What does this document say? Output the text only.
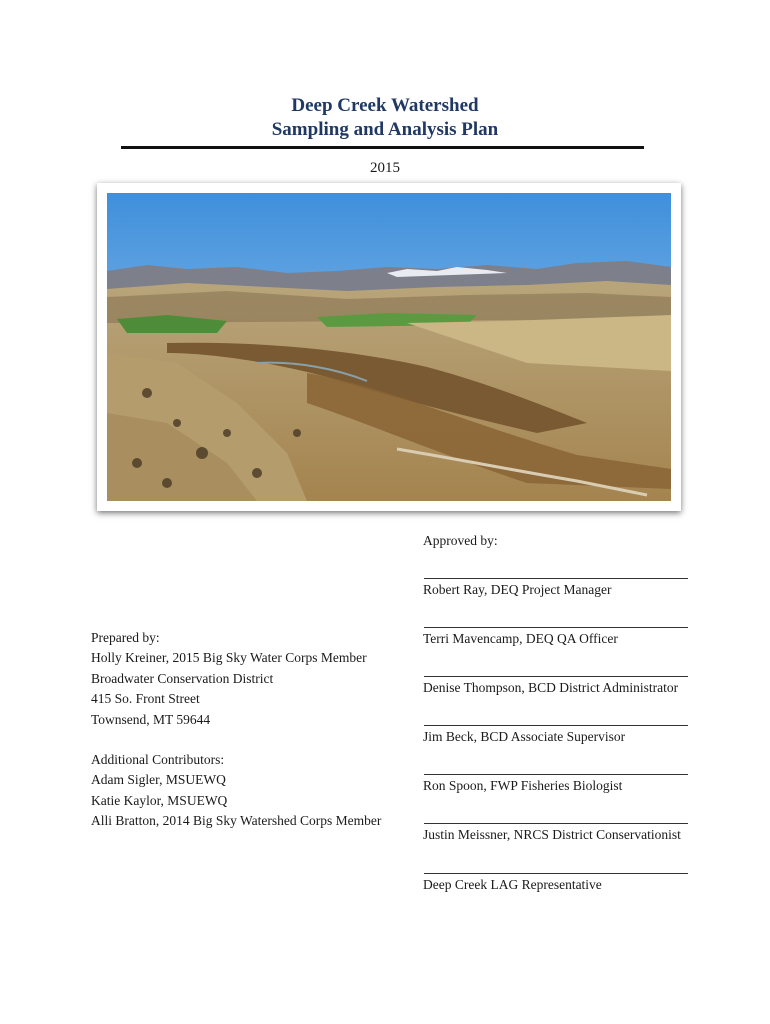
Deep Creek Watershed
Sampling and Analysis Plan
2015
Approved by:
Robert Ray, DEQ Project Manager
Terri Mavencamp, DEQ QA Officer
Denise Thompson, BCD District Administrator
Jim Beck, BCD Associate Supervisor
Ron Spoon, FWP Fisheries Biologist
Justin Meissner, NRCS District Conservationist
Deep Creek LAG Representative
Prepared by:
Holly Kreiner, 2015 Big Sky Water Corps Member
Broadwater Conservation District
415 So. Front Street
Townsend, MT 59644
Additional Contributors:
Adam Sigler, MSUEWQ
Katie Kaylor, MSUEWQ
Alli Bratton, 2014 Big Sky Watershed Corps Member
